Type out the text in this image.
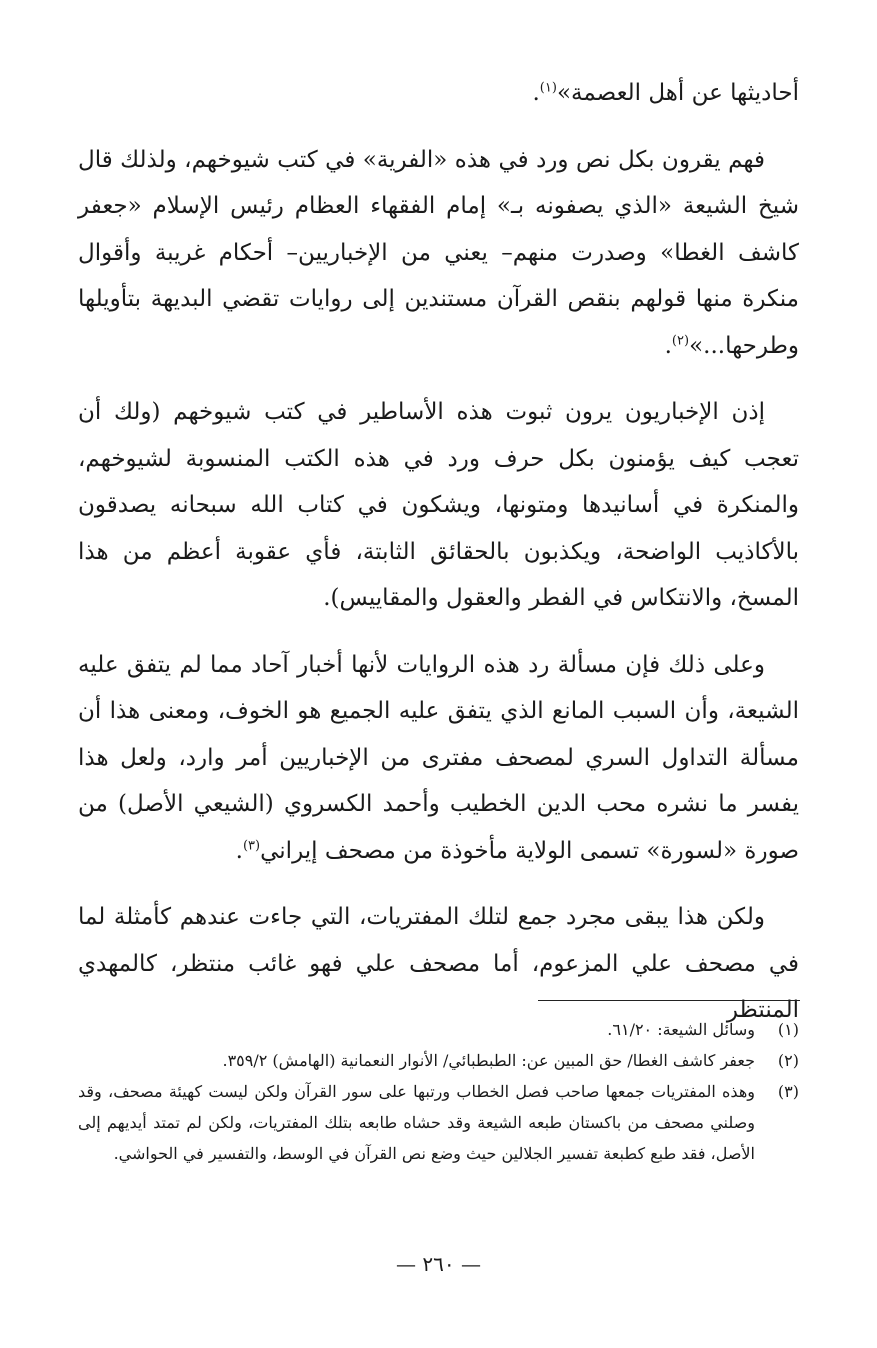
أحاديثها عن أهل العصمة»$^{(١)}$.

فهم يقرون بكل نص ورد في هذه «الفرية» في كتب شيوخهم، ولذلك قال شيخ الشيعة «الذي يصفونه بـ» إمام الفقهاء العظام رئيس الإسلام «جعفر كاشف الغطا» وصدرت منهم– يعني من الإخباريين– أحكام غريبة وأقوال منكرة منها قولهم بنقص القرآن مستندين إلى روايات تقضي البديهة بتأويلها وطرحها...»$^{(٢)}$.

إذن الإخباريون يرون ثبوت هذه الأساطير في كتب شيوخهم (ولك أن تعجب كيف يؤمنون بكل حرف ورد في هذه الكتب المنسوبة لشيوخهم، والمنكرة في أسانيدها ومتونها، ويشكون في كتاب الله سبحانه يصدقون بالأكاذيب الواضحة، ويكذبون بالحقائق الثابتة، فأي عقوبة أعظم من هذا المسخ، والانتكاس في الفطر والعقول والمقاييس).

وعلى ذلك فإن مسألة رد هذه الروايات لأنها أخبار آحاد مما لم يتفق عليه الشيعة، وأن السبب المانع الذي يتفق عليه الجميع هو الخوف، ومعنى هذا أن مسألة التداول السري لمصحف مفترى من الإخباريين أمر وارد، ولعل هذا يفسر ما نشره محب الدين الخطيب وأحمد الكسروي (الشيعي الأصل) من صورة «لسورة» تسمى الولاية مأخوذة من مصحف إيراني$^{(٣)}$.

ولكن هذا يبقى مجرد جمع لتلك المفتريات، التي جاءت عندهم كأمثلة لما في مصحف علي المزعوم، أما مصحف علي فهو غائب منتظر، كالمهدي المنتظر

(١)
وسائل الشيعة: ٦١/٢٠.
(٢)
جعفر كاشف الغطا/ حق المبين عن: الطبطبائي/ الأنوار النعمانية (الهامش) ٣٥٩/٢.
(٣)
وهذه المفتريات جمعها صاحب فصل الخطاب ورتبها على سور القرآن ولكن ليست كهيئة مصحف، وقد وصلني مصحف من باكستان طبعه الشيعة وقد حشاه طابعه بتلك المفتريات، ولكن لم تمتد أيديهم إلى الأصل، فقد طبع كطبعة تفسير الجلالين حيث وضع نص القرآن في الوسط، والتفسير في الحواشي.
— ٢٦٠ —
